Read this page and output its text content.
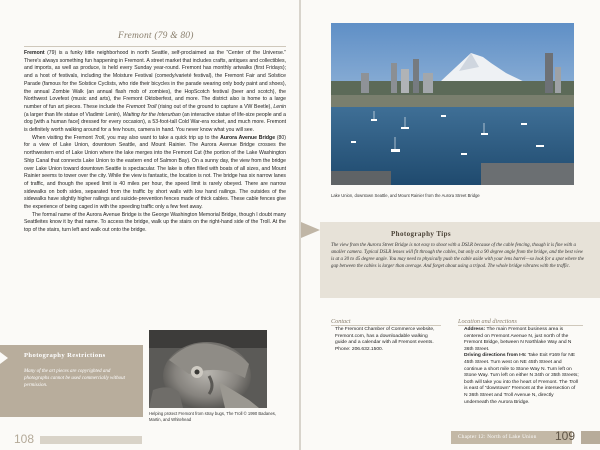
Fremont (79 & 80)

Fremont (79) is a funky little neighborhood in north Seattle, self-proclaimed as the “Center of the Universe.” There's always something fun happening in Fremont. A street market that includes crafts, antiques and collectibles, and imports, as well as produce, is held every Sunday year-round. Fremont has monthly artwalks (first Fridays); and a host of festivals, including the Moisture Festival (comedy/varieté festival), the Fremont Fair and Solstice Parade (famous for the Solstice Cyclists, who ride their bicycles in the parade wearing only body paint and shoes), the annual Zombie Walk (an annual flash mob of zombies), the HopScotch festival (beer and scotch), the Northwest Lovefest (music and arts), the Fremont Oktoberfest, and more. The district also is home to a large number of fun art pieces. These include the Fremont Troll (rising out of the ground to capture a VW Beetle), Lenin (a larger than life statue of Vladimir Lenin), Waiting for the Interurban (an interactive statue of life-size people and a dog [with a human face] dressed for every occasion), a 53-foot-tall Cold War-era rocket, and much more. Fremont is definitely worth walking around for a few hours, camera in hand. You never know what you will see.

When visiting the Fremont Troll, you may also want to take a quick trip up to the Aurora Avenue Bridge (80) for a view of Lake Union, downtown Seattle, and Mount Rainier. The Aurora Avenue Bridge crosses the northwestern end of Lake Union where the lake merges into the Fremont Cut (the portion of the Lake Washington Ship Canal that connects Lake Union to the eastern end of Salmon Bay). On a sunny day, the view from the bridge over Lake Union toward downtown Seattle is spectacular. The lake is often filled with boats of all sizes, and Mount Rainier seems to tower over the city. While the view is fantastic, the location is not. The bridge has six narrow lanes of traffic, and though the speed limit is 40 miles per hour, the speed limit is rarely obeyed. There are narrow sidewalks on both sides, separated from the traffic by short walls with low hand railings. The outsides of the sidewalks have slightly higher railings and suicide-prevention fences made of thick cables. These cable fences give the experience of being caged in with the speeding traffic only a few feet away.

The formal name of the Aurora Avenue Bridge is the George Washington Memorial Bridge, though I doubt many Seattleites know it by that name. To access the bridge, walk up the stairs on the right-hand side of the Troll. At the top of the stairs, turn left and walk out onto the bridge.

Photography Restrictions
Many of the art pieces are copyrighted and photographs cannot be used commercially without permission.
Helping protect Fremont from stray bugs, The Troll © 1990 Badanes, Martin, and Whitehead
108
Lake Union, downtown Seattle, and Mount Rainier from the Aurora Street Bridge
Photography Tips
The view from the Aurora Street Bridge is not easy to shoot with a DSLR because of the cable fencing, though it is fine with a smaller camera. Typical DSLR lenses will fit through the cables, but only at a 90 degree angle from the bridge, and the best view is at a 30 to 45 degree angle. You may need to physically push the cable aside with your lens barrel—so look for a spot where the gap between the cables is larger than average. And forget about using a tripod. The whole bridge vibrates with the traffic.
Contact
The Fremont Chamber of Commerce website, Fremont.com, has a downloadable walking guide and a calendar with all Fremont events. Phone: 206.632.1500.
Location and directions
Address: The main Fremont business area is centered on Fremont Avenue N, just north of the Fremont Bridge, between N Northlake Way and N 36th Street.
Driving directions from I-5: Take Exit #169 for NE 45th Street. Turn west on NE 45th Street and continue a short mile to Stone Way N. Turn left on Stone Way. Turn left on either N 34th or 35th Streets; both will take you into the heart of Fremont. The Troll is east of “downtown” Fremont at the intersection of N 36th Street and Troll Avenue N, directly underneath the Aurora Bridge.
Chapter 12: North of Lake Union 109
